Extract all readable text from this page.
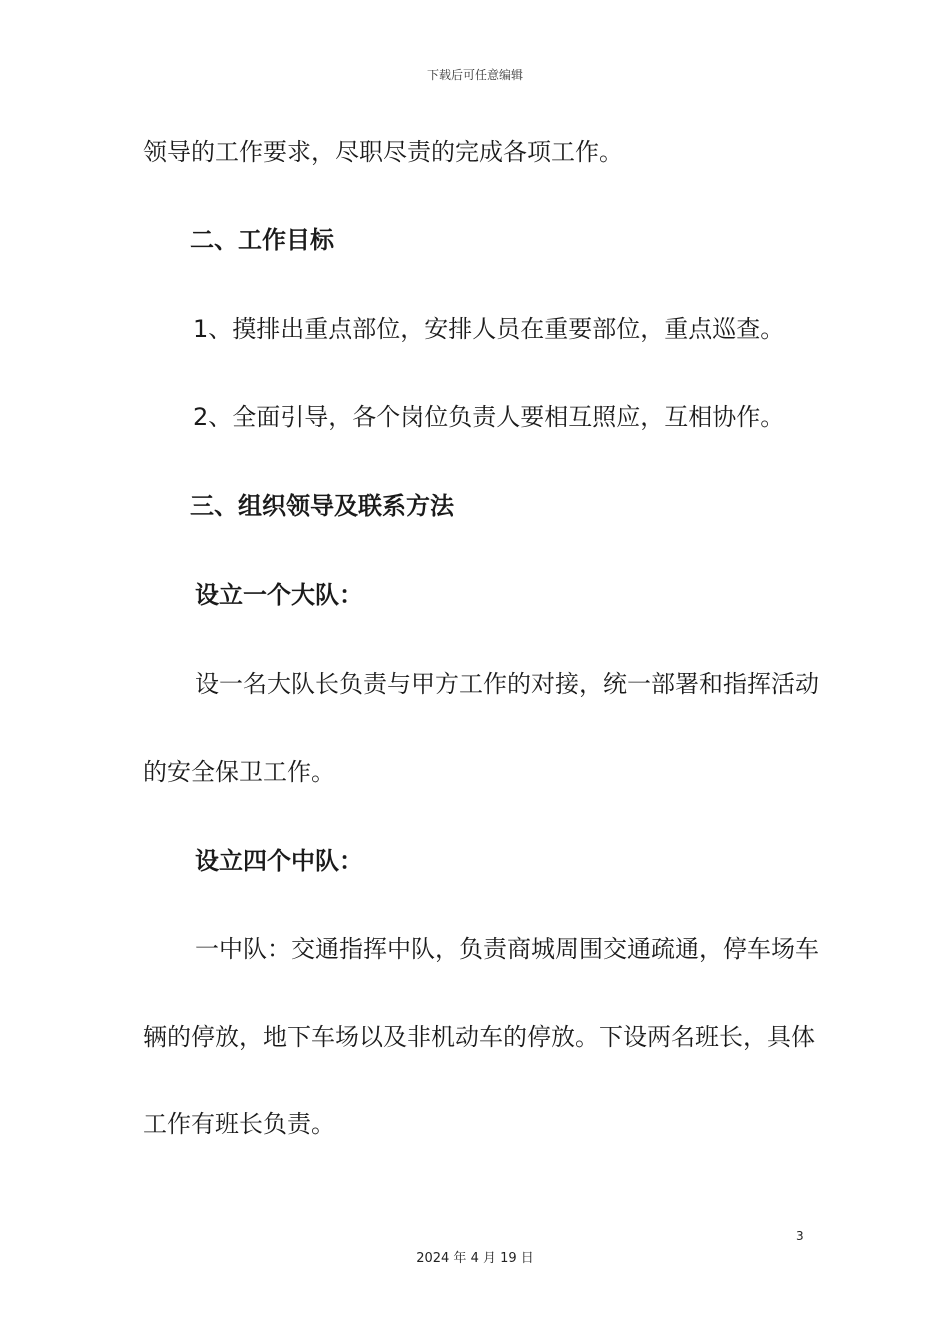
下载后可任意编辑
领导的工作要求，尽职尽责的完成各项工作。
二、工作目标
1、摸排出重点部位，安排人员在重要部位，重点巡查。
2、全面引导，各个岗位负责人要相互照应，互相协作。
三、组织领导及联系方法
设立一个大队：
设一名大队长负责与甲方工作的对接，统一部署和指挥活动
的安全保卫工作。
设立四个中队：
一中队：交通指挥中队，负责商城周围交通疏通，停车场车
辆的停放，地下车场以及非机动车的停放。下设两名班长，具体
工作有班长负责。
3
2024 年 4 月 19 日
